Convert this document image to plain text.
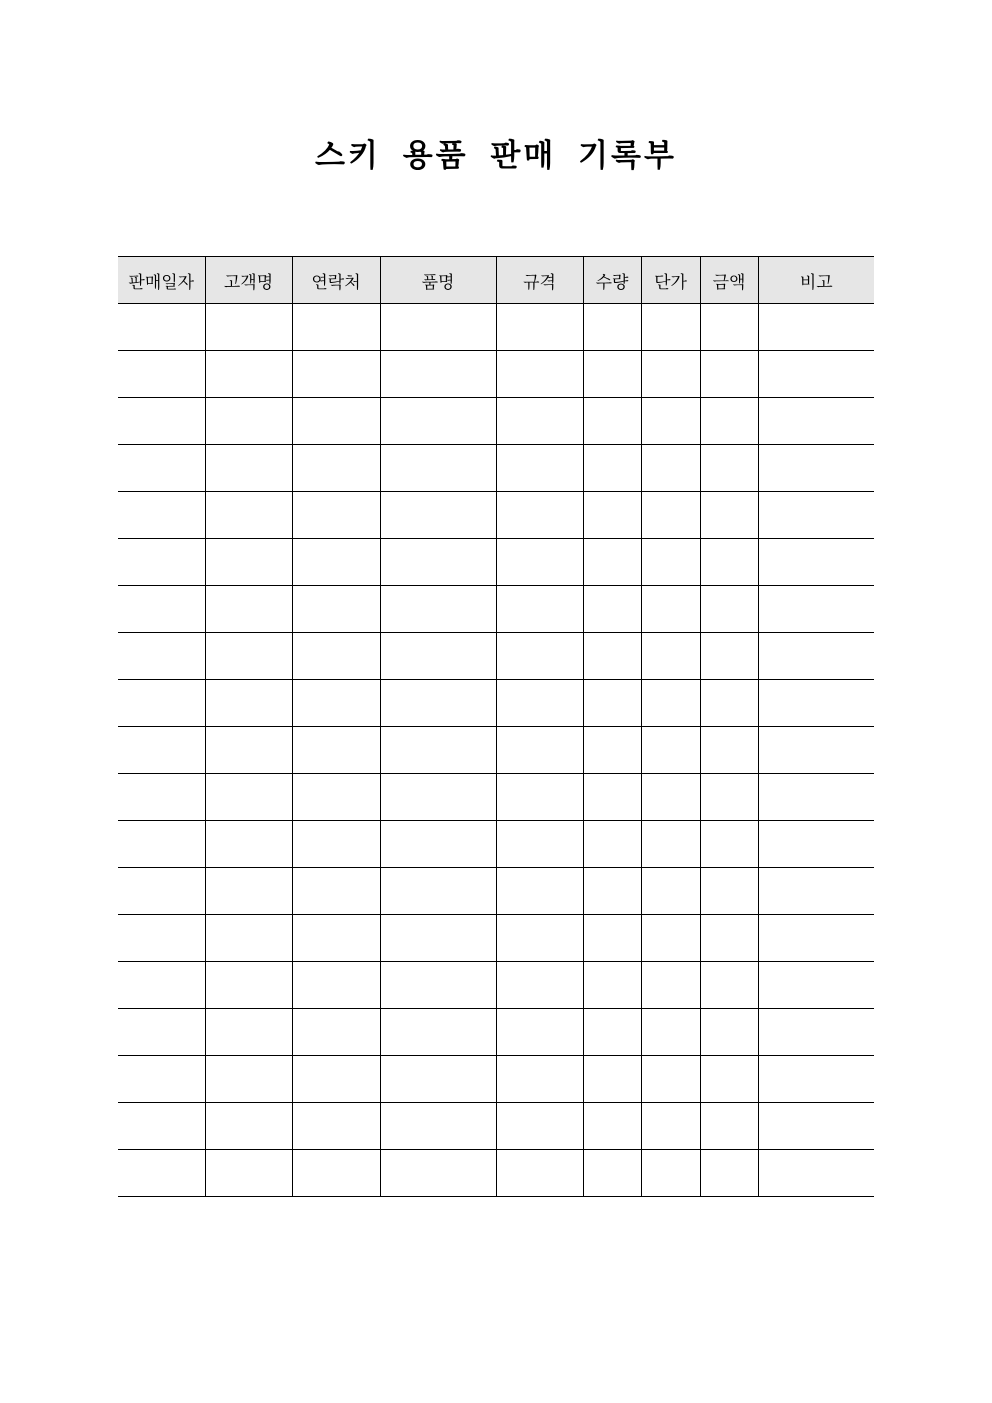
스키 용품 판매 기록부
판매일자	고객명	연락처	품명	규격	수량	단가	금액	비고
